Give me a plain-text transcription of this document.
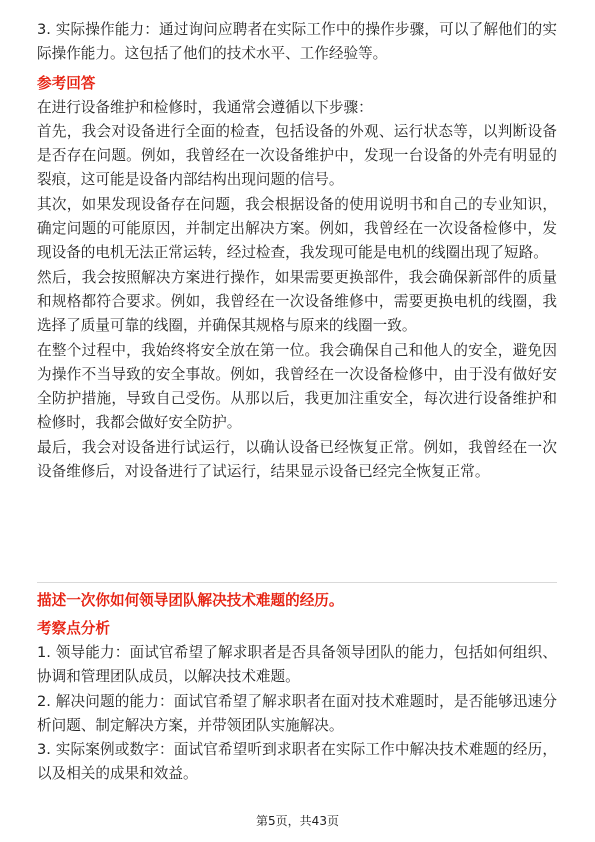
3. 实际操作能力：通过询问应聘者在实际工作中的操作步骤，可以了解他们的实际操作能力。这包括了他们的技术水平、工作经验等。

参考回答

在进行设备维护和检修时，我通常会遵循以下步骤：

首先，我会对设备进行全面的检查，包括设备的外观、运行状态等，以判断设备是否存在问题。例如，我曾经在一次设备维护中，发现一台设备的外壳有明显的裂痕，这可能是设备内部结构出现问题的信号。

其次，如果发现设备存在问题，我会根据设备的使用说明书和自己的专业知识，确定问题的可能原因，并制定出解决方案。例如，我曾经在一次设备检修中，发现设备的电机无法正常运转，经过检查，我发现可能是电机的线圈出现了短路。

然后，我会按照解决方案进行操作，如果需要更换部件，我会确保新部件的质量和规格都符合要求。例如，我曾经在一次设备维修中，需要更换电机的线圈，我选择了质量可靠的线圈，并确保其规格与原来的线圈一致。

在整个过程中，我始终将安全放在第一位。我会确保自己和他人的安全，避免因为操作不当导致的安全事故。例如，我曾经在一次设备检修中，由于没有做好安全防护措施，导致自己受伤。从那以后，我更加注重安全，每次进行设备维护和检修时，我都会做好安全防护。

最后，我会对设备进行试运行，以确认设备已经恢复正常。例如，我曾经在一次设备维修后，对设备进行了试运行，结果显示设备已经完全恢复正常。

描述一次你如何领导团队解决技术难题的经历。

考察点分析

1. 领导能力：面试官希望了解求职者是否具备领导团队的能力，包括如何组织、协调和管理团队成员，以解决技术难题。

2. 解决问题的能力：面试官希望了解求职者在面对技术难题时，是否能够迅速分析问题、制定解决方案，并带领团队实施解决。

3. 实际案例或数字：面试官希望听到求职者在实际工作中解决技术难题的经历，以及相关的成果和效益。

第5页，共43页
